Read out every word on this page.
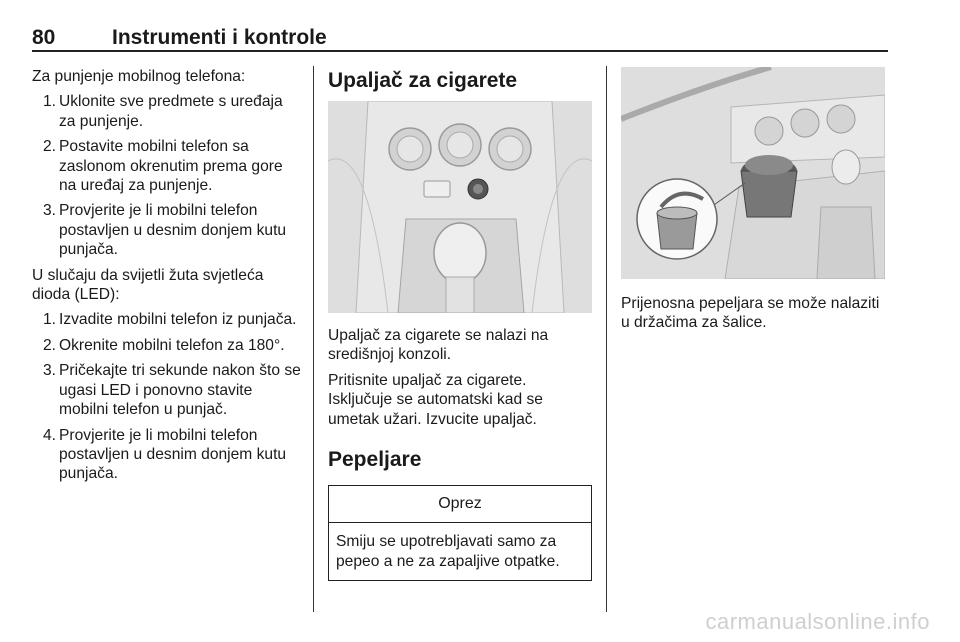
80	Instrumenti i kontrole

Za punjenje mobilnog telefona:

1. Uklonite sve predmete s uređaja za punjenje.
2. Postavite mobilni telefon sa zaslonom okrenutim prema gore na uređaj za punjenje.
3. Provjerite je li mobilni telefon postavljen u desnim donjem kutu punjača.

U slučaju da svijetli žuta svjetleća dioda (LED):

1. Izvadite mobilni telefon iz punjača.
2. Okrenite mobilni telefon za 180°.
3. Pričekajte tri sekunde nakon što se ugasi LED i ponovno stavite mobilni telefon u punjač.
4. Provjerite je li mobilni telefon postavljen u desnim donjem kutu punjača.
Upaljač za cigarete

Upaljač za cigarete se nalazi na središnjoj konzoli.

Pritisnite upaljač za cigarete. Isključuje se automatski kad se umetak užari. Izvucite upaljač.

Pepeljare
Oprez
Smiju se upotrebljavati samo za pepeo a ne za zapaljive otpatke.

Prijenosna pepeljara se može nalaziti u držačima za šalice.

carmanualsonline.info
